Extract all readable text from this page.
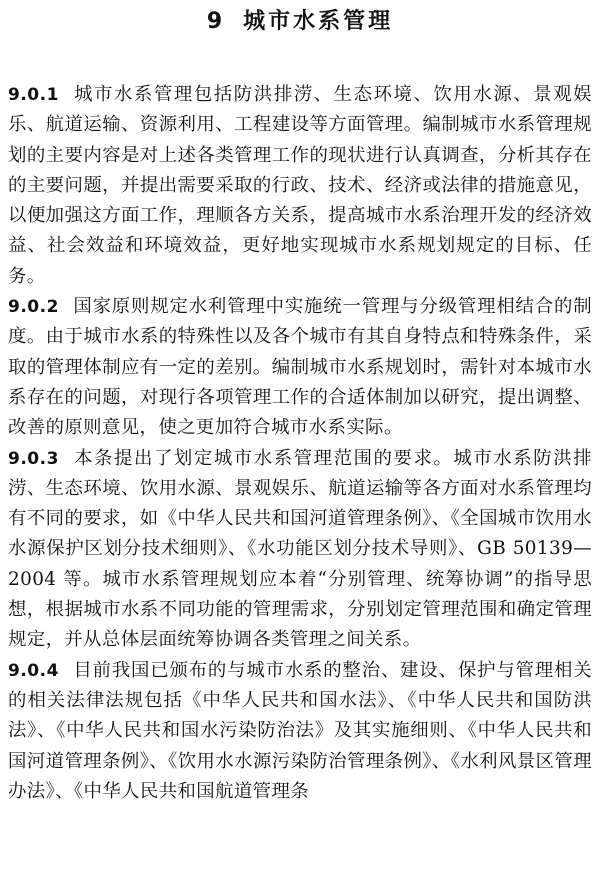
9 城市水系管理

9.0.1 城市水系管理包括防洪排涝、生态环境、饮用水源、景观娱乐、航道运输、资源利用、工程建设等方面管理。编制城市水系管理规划的主要内容是对上述各类管理工作的现状进行认真调查，分析其存在的主要问题，并提出需要采取的行政、技术、经济或法律的措施意见，以便加强这方面工作，理顺各方关系，提高城市水系治理开发的经济效益、社会效益和环境效益，更好地实现城市水系规划规定的目标、任务。

9.0.2 国家原则规定水利管理中实施统一管理与分级管理相结合的制度。由于城市水系的特殊性以及各个城市有其自身特点和特殊条件，采取的管理体制应有一定的差别。编制城市水系规划时，需针对本城市水系存在的问题，对现行各项管理工作的合适体制加以研究，提出调整、改善的原则意见，使之更加符合城市水系实际。

9.0.3 本条提出了划定城市水系管理范围的要求。城市水系防洪排涝、生态环境、饮用水源、景观娱乐、航道运输等各方面对水系管理均有不同的要求，如《中华人民共和国河道管理条例》、《全国城市饮用水水源保护区划分技术细则》、《水功能区划分技术导则》、GB 50139—2004 等。城市水系管理规划应本着“分别管理、统筹协调”的指导思想，根据城市水系不同功能的管理需求，分别划定管理范围和确定管理规定，并从总体层面统筹协调各类管理之间关系。

9.0.4 目前我国已颁布的与城市水系的整治、建设、保护与管理相关的相关法律法规包括《中华人民共和国水法》、《中华人民共和国防洪法》、《中华人民共和国水污染防治法》及其实施细则、《中华人民共和国河道管理条例》、《饮用水水源污染防治管理条例》、《水利风景区管理办法》、《中华人民共和国航道管理条
